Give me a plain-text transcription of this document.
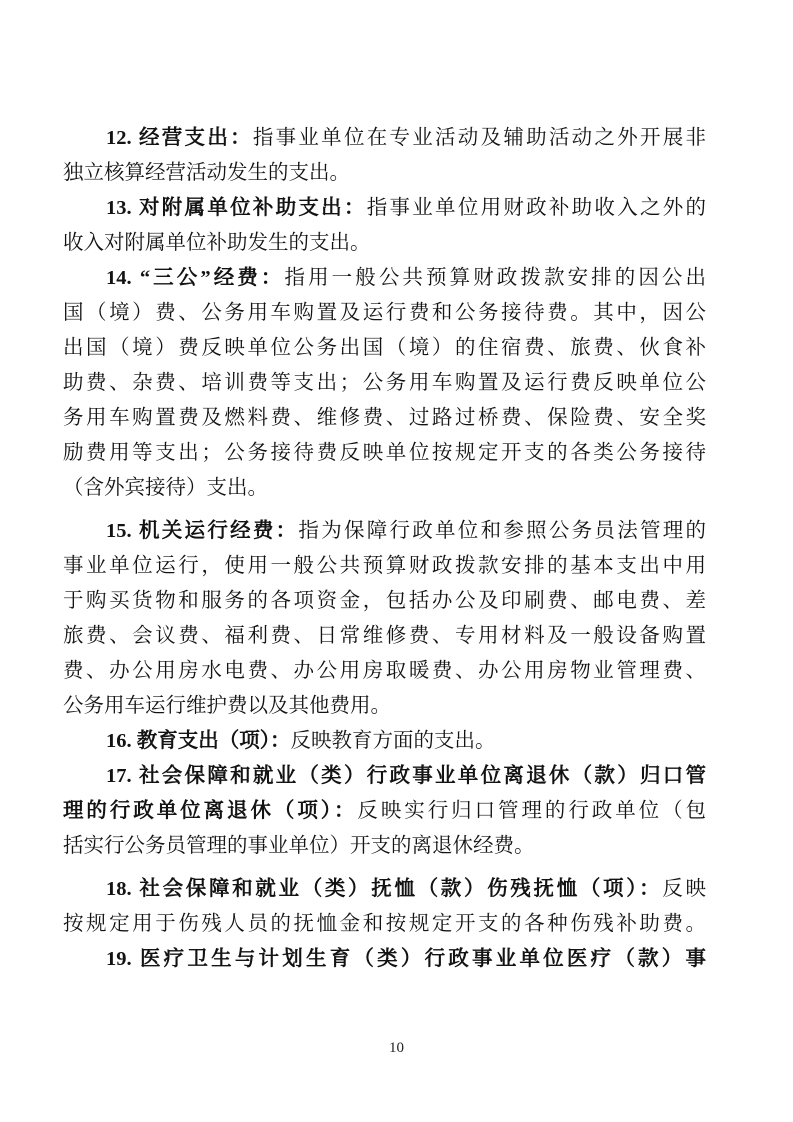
12. 经营支出：指事业单位在专业活动及辅助活动之外开展非
独立核算经营活动发生的支出。
13. 对附属单位补助支出：指事业单位用财政补助收入之外的
收入对附属单位补助发生的支出。
14. “三公”经费：指用一般公共预算财政拨款安排的因公出
国（境）费、公务用车购置及运行费和公务接待费。其中，因公
出国（境）费反映单位公务出国（境）的住宿费、旅费、伙食补
助费、杂费、培训费等支出；公务用车购置及运行费反映单位公
务用车购置费及燃料费、维修费、过路过桥费、保险费、安全奖
励费用等支出；公务接待费反映单位按规定开支的各类公务接待
（含外宾接待）支出。
15. 机关运行经费：指为保障行政单位和参照公务员法管理的
事业单位运行，使用一般公共预算财政拨款安排的基本支出中用
于购买货物和服务的各项资金，包括办公及印刷费、邮电费、差
旅费、会议费、福利费、日常维修费、专用材料及一般设备购置
费、办公用房水电费、办公用房取暖费、办公用房物业管理费、
公务用车运行维护费以及其他费用。
16. 教育支出（项）：反映教育方面的支出。
17. 社会保障和就业（类）行政事业单位离退休（款）归口管
理的行政单位离退休（项）：反映实行归口管理的行政单位（包
括实行公务员管理的事业单位）开支的离退休经费。
18. 社会保障和就业（类）抚恤（款）伤残抚恤（项）：反映
按规定用于伤残人员的抚恤金和按规定开支的各种伤残补助费。
19. 医疗卫生与计划生育（类）行政事业单位医疗（款）事
10
